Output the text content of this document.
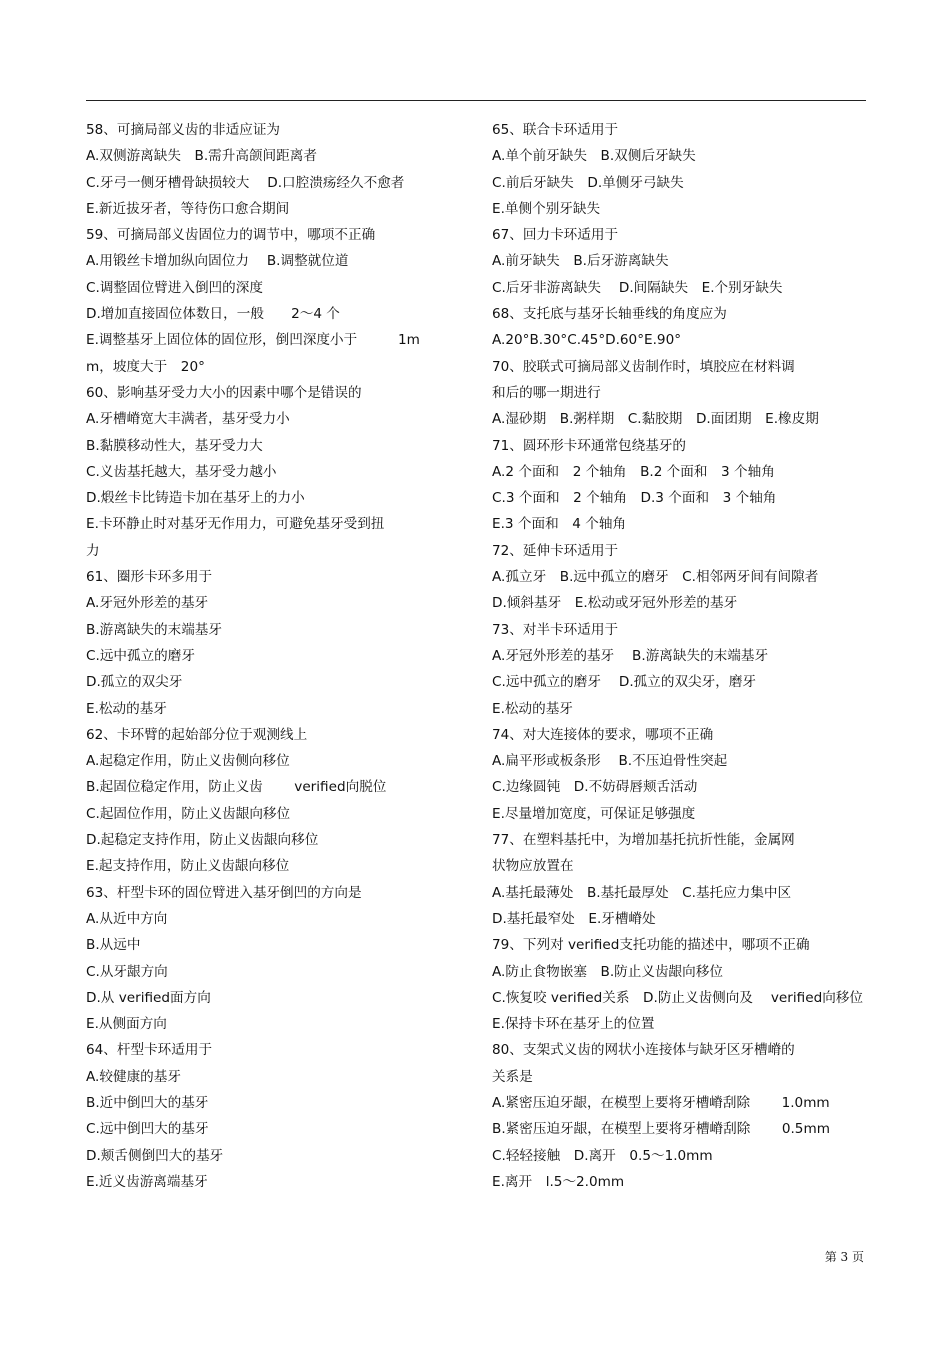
58、可摘局部义齿的非适应证为
A.双侧游离缺失　B.需升高颌间距离者
C.牙弓一侧牙槽骨缺损较大　 D.口腔溃疡经久不愈者
E.新近拔牙者，等待伤口愈合期间
59、可摘局部义齿固位力的调节中，哪项不正确
A.用锻丝卡增加纵向固位力　 B.调整就位道
C.调整固位臂进入倒凹的深度
D.增加直接固位体数日，一般　　2～4 个
E.调整基牙上固位体的固位形，倒凹深度小于　　　1m
m，坡度大于　20°
60、影响基牙受力大小的因素中哪个是错误的
A.牙槽嵴宽大丰满者，基牙受力小
B.黏膜移动性大，基牙受力大
C.义齿基托越大，基牙受力越小
D.煅丝卡比铸造卡加在基牙上的力小
E.卡环静止时对基牙无作用力，可避免基牙受到扭
力
61、圈形卡环多用于
A.牙冠外形差的基牙
B.游离缺失的末端基牙
C.远中孤立的磨牙
D.孤立的双尖牙
E.松动的基牙
62、卡环臂的起始部分位于观测线上
A.起稳定作用，防止义齿侧向移位
B.起固位稳定作用，防止义齿　　 verified向脱位
C.起固位作用，防止义齿龈向移位
D.起稳定支持作用，防止义齿龈向移位
E.起支持作用，防止义齿龈向移位
63、杆型卡环的固位臂进入基牙倒凹的方向是
A.从近中方向
B.从远中
C.从牙龈方向
D.从 verified面方向
E.从侧面方向
64、杆型卡环适用于
A.较健康的基牙
B.近中倒凹大的基牙
C.远中倒凹大的基牙
D.颊舌侧倒凹大的基牙
E.近义齿游离端基牙
65、联合卡环适用于
A.单个前牙缺失　B.双侧后牙缺失
C.前后牙缺失　D.单侧牙弓缺失
E.单侧个别牙缺失
67、回力卡环适用于
A.前牙缺失　B.后牙游离缺失
C.后牙非游离缺失　 D.间隔缺失　E.个别牙缺失
68、支托底与基牙长轴垂线的角度应为
A.20°B.30°C.45°D.60°E.90°
70、胶联式可摘局部义齿制作时，填胶应在材料调
和后的哪一期进行
A.湿砂期　B.粥样期　C.黏胶期　D.面团期　E.橡皮期
71、圆环形卡环通常包绕基牙的
A.2 个面和　2 个轴角　B.2 个面和　3 个轴角
C.3 个面和　2 个轴角　D.3 个面和　3 个轴角
E.3 个面和　4 个轴角
72、延伸卡环适用于
A.孤立牙　B.远中孤立的磨牙　C.相邻两牙间有间隙者
D.倾斜基牙　E.松动或牙冠外形差的基牙
73、对半卡环适用于
A.牙冠外形差的基牙　 B.游离缺失的末端基牙
C.远中孤立的磨牙　 D.孤立的双尖牙，磨牙
E.松动的基牙
74、对大连接体的要求，哪项不正确
A.扁平形或板条形　 B.不压迫骨性突起
C.边缘圆钝　D.不妨碍唇颊舌活动
E.尽量增加宽度，可保证足够强度
77、在塑料基托中，为增加基托抗折性能，金属网
状物应放置在
A.基托最薄处　B.基托最厚处　C.基托应力集中区
D.基托最窄处　E.牙槽嵴处
79、下列对 verified支托功能的描述中，哪项不正确
A.防止食物嵌塞　B.防止义齿龈向移位
C.恢复咬 verified关系　D.防止义齿侧向及　 verified向移位
E.保持卡环在基牙上的位置
80、支架式义齿的网状小连接体与缺牙区牙槽嵴的
关系是
A.紧密压迫牙龈，在模型上要将牙槽嵴刮除　　 1.0mm
B.紧密压迫牙龈，在模型上要将牙槽嵴刮除　　 0.5mm
C.轻轻接触　D.离开　0.5～1.0mm
E.离开　l.5～2.0mm
第 3 页
